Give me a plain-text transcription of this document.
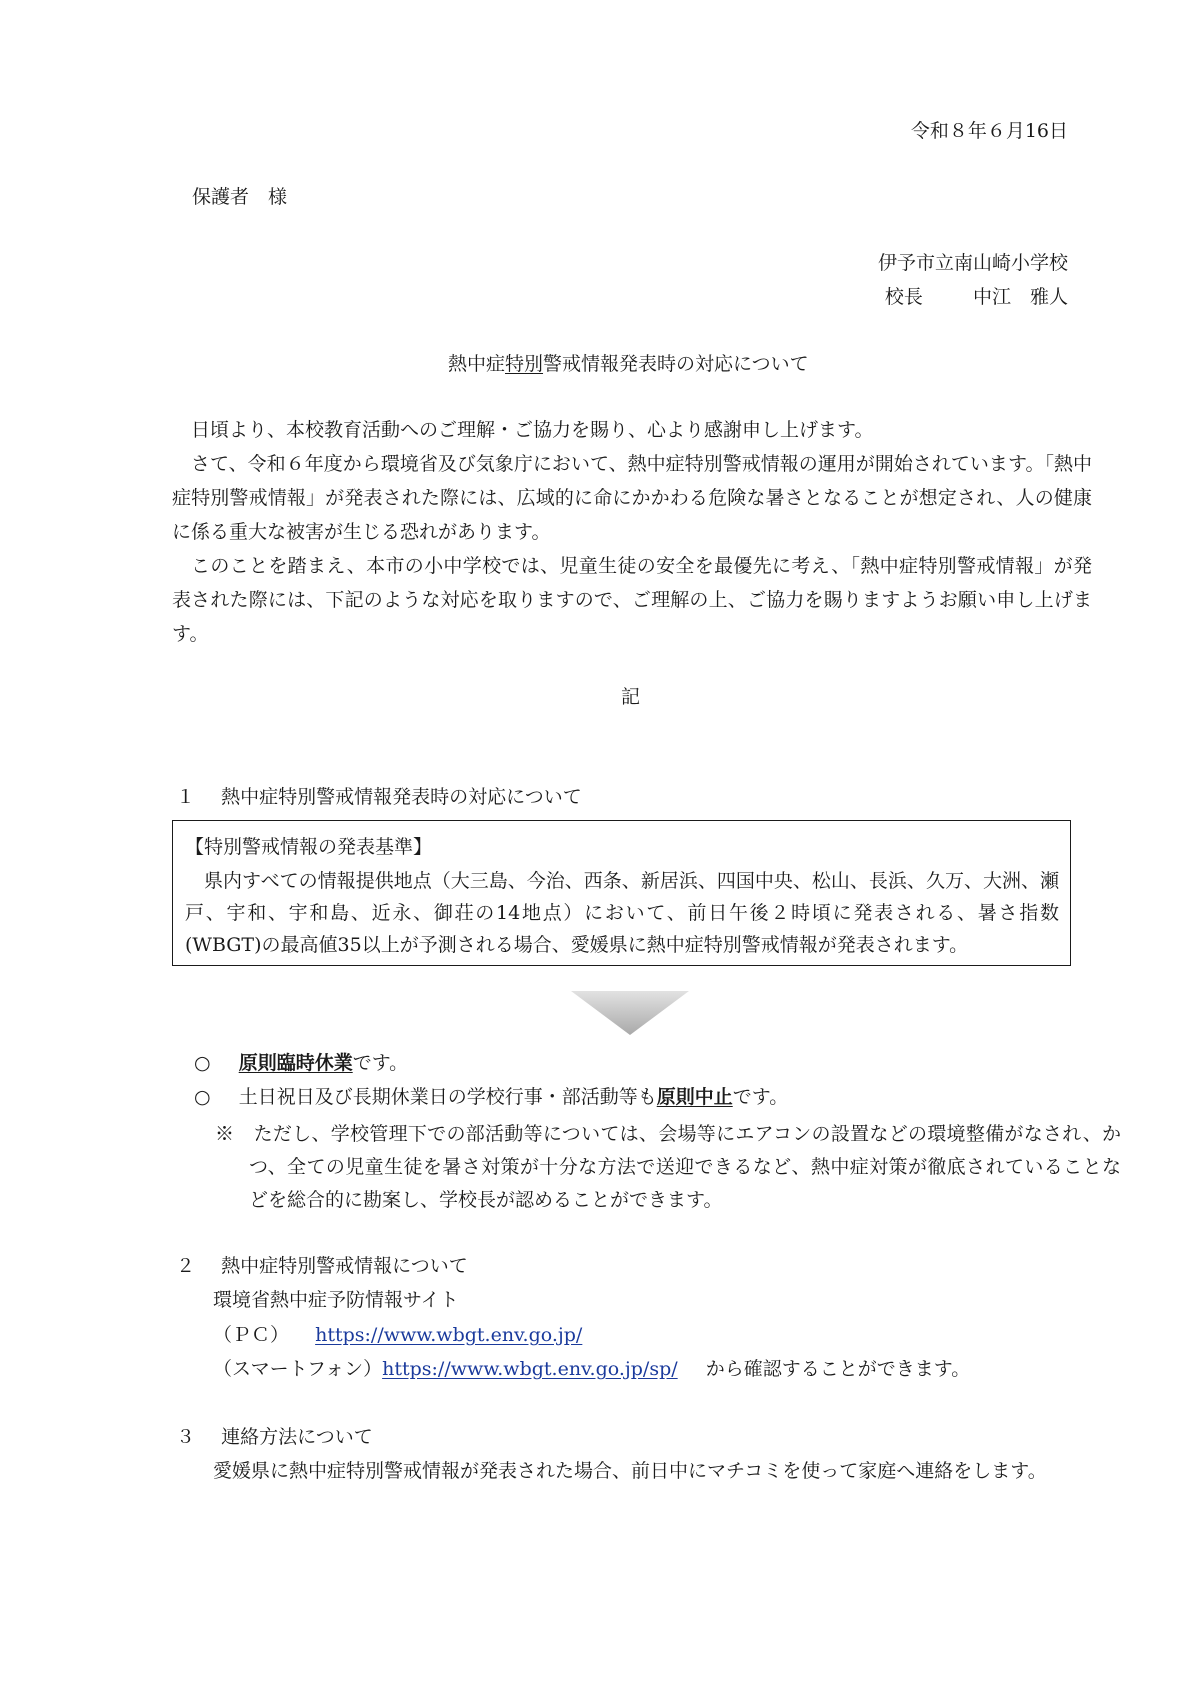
令和８年６月16日
保護者　様
伊予市立南山崎小学校
校長	中江　雅人
熱中症特別警戒情報発表時の対応について

日頃より、本校教育活動へのご理解・ご協力を賜り、心より感謝申し上げます。

さて、令和６年度から環境省及び気象庁において、熱中症特別警戒情報の運用が開始されています。「熱中症特別警戒情報」が発表された際には、広域的に命にかかわる危険な暑さとなることが想定され、人の健康に係る重大な被害が生じる恐れがあります。

このことを踏まえ、本市の小中学校では、児童生徒の安全を最優先に考え、「熱中症特別警戒情報」が発表された際には、下記のような対応を取りますので、ご理解の上、ご協力を賜りますようお願い申し上げます。

記
１ 熱中症特別警戒情報発表時の対応について
【特別警戒情報の発表基準】

県内すべての情報提供地点（大三島、今治、西条、新居浜、四国中央、松山、長浜、久万、大洲、瀬戸、宇和、宇和島、近永、御荘の14地点）において、前日午後２時頃に発表される、暑さ指数(WBGT)の最高値35以上が予測される場合、愛媛県に熱中症特別警戒情報が発表されます。

○ 原則臨時休業です。
○ 土日祝日及び長期休業日の学校行事・部活動等も原則中止です。

※　 ただし、学校管理下での部活動等については、会場等にエアコンの設置などの環境整備がなされ、かつ、全ての児童生徒を暑さ対策が十分な方法で送迎できるなど、熱中症対策が徹底されていることなどを総合的に勘案し、学校長が認めることができます。

２ 熱中症特別警戒情報について
環境省熱中症予防情報サイト
（ＰＣ） https://www.wbgt.env.go.jp/
（スマートフォン）https://www.wbgt.env.go.jp/sp/ から確認することができます。
３ 連絡方法について
愛媛県に熱中症特別警戒情報が発表された場合、前日中にマチコミを使って家庭へ連絡をします。
